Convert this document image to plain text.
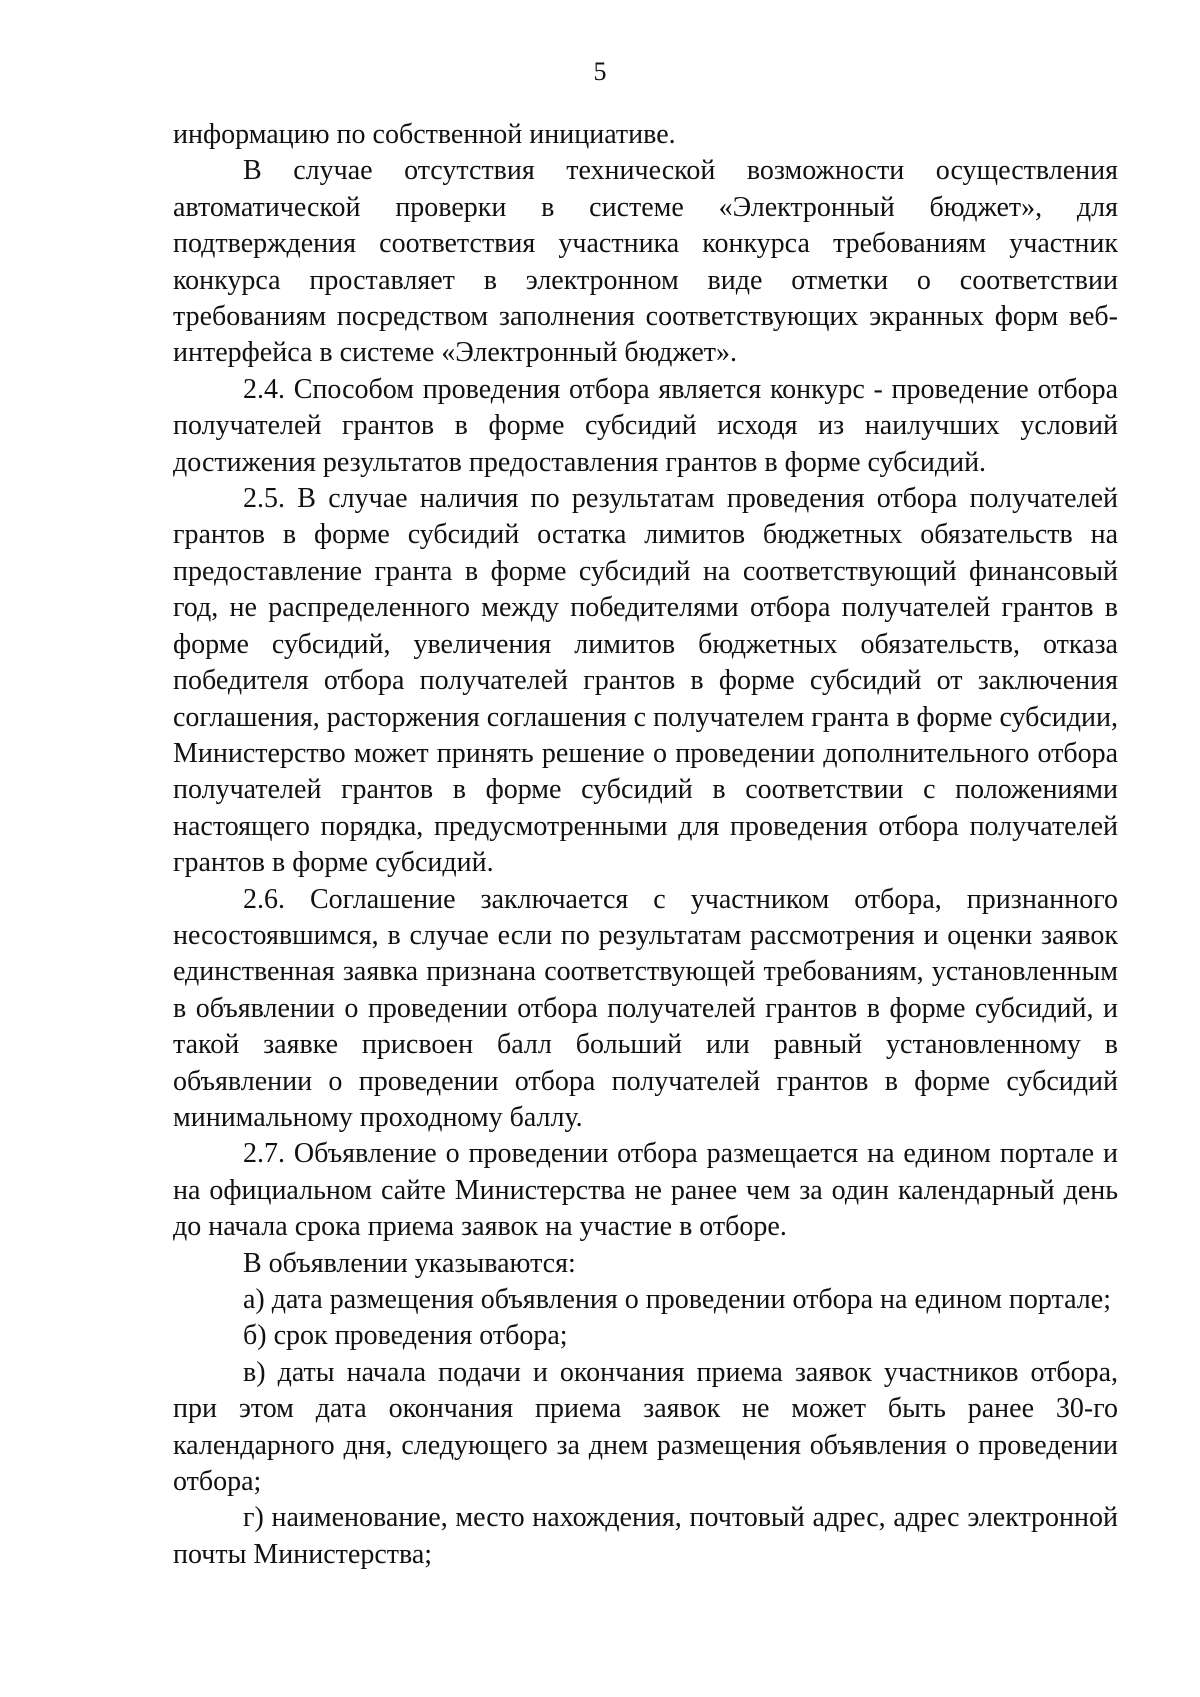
5

информацию по собственной инициативе.

В случае отсутствия технической возможности осуществления автоматической проверки в системе «Электронный бюджет», для подтверждения соответствия участника конкурса требованиям участник конкурса проставляет в электронном виде отметки о соответствии требованиям посредством заполнения соответствующих экранных форм веб-интерфейса в системе «Электронный бюджет».

2.4. Способом проведения отбора является конкурс - проведение отбора получателей грантов в форме субсидий исходя из наилучших условий достижения результатов предоставления грантов в форме субсидий.

2.5. В случае наличия по результатам проведения отбора получателей грантов в форме субсидий остатка лимитов бюджетных обязательств на предоставление гранта в форме субсидий на соответствующий финансовый год, не распределенного между победителями отбора получателей грантов в форме субсидий, увеличения лимитов бюджетных обязательств, отказа победителя отбора получателей грантов в форме субсидий от заключения соглашения, расторжения соглашения с получателем гранта в форме субсидии, Министерство может принять решение о проведении дополнительного отбора получателей грантов в форме субсидий в соответствии с положениями настоящего порядка, предусмотренными для проведения отбора получателей грантов в форме субсидий.

2.6. Соглашение заключается с участником отбора, признанного несостоявшимся, в случае если по результатам рассмотрения и оценки заявок единственная заявка признана соответствующей требованиям, установленным в объявлении о проведении отбора получателей грантов в форме субсидий, и такой заявке присвоен балл больший или равный установленному в объявлении о проведении отбора получателей грантов в форме субсидий минимальному проходному баллу.

2.7. Объявление о проведении отбора размещается на едином портале и на официальном сайте Министерства не ранее чем за один календарный день до начала срока приема заявок на участие в отборе.

В объявлении указываются:

а) дата размещения объявления о проведении отбора на едином портале;

б) срок проведения отбора;

в) даты начала подачи и окончания приема заявок участников отбора, при этом дата окончания приема заявок не может быть ранее 30-го календарного дня, следующего за днем размещения объявления о проведении отбора;

г) наименование, место нахождения, почтовый адрес, адрес электронной почты Министерства;
